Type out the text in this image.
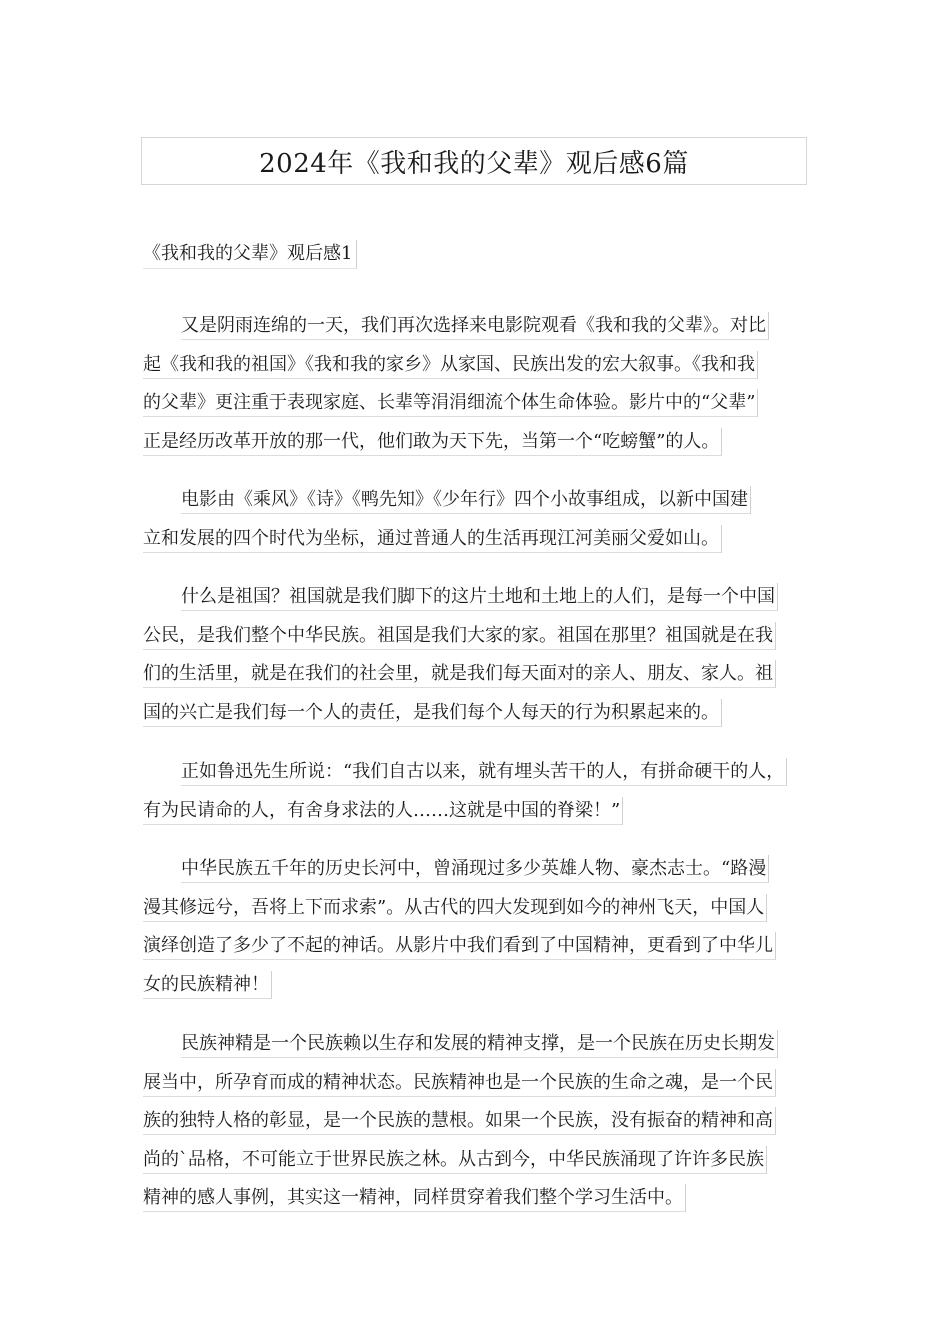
2024年《我和我的父辈》观后感6篇
《我和我的父辈》观后感1
又是阴雨连绵的一天，我们再次选择来电影院观看《我和我的父辈》。对比
起《我和我的祖国》《我和我的家乡》从家国、民族出发的宏大叙事。《我和我
的父辈》更注重于表现家庭、长辈等涓涓细流个体生命体验。影片中的“父辈”
正是经历改革开放的那一代，他们敢为天下先，当第一个“吃螃蟹”的人。
电影由《乘风》《诗》《鸭先知》《少年行》四个小故事组成，以新中国建
立和发展的四个时代为坐标，通过普通人的生活再现江河美丽父爱如山。
什么是祖国？祖国就是我们脚下的这片土地和土地上的人们，是每一个中国
公民，是我们整个中华民族。祖国是我们大家的家。祖国在那里？祖国就是在我
们的生活里，就是在我们的社会里，就是我们每天面对的亲人、朋友、家人。祖
国的兴亡是我们每一个人的责任，是我们每个人每天的行为积累起来的。
正如鲁迅先生所说：“我们自古以来，就有埋头苦干的人，有拼命硬干的人，
有为民请命的人，有舍身求法的人……这就是中国的脊梁！”
中华民族五千年的历史长河中，曾涌现过多少英雄人物、豪杰志士。“路漫
漫其修远兮，吾将上下而求索”。从古代的四大发现到如今的神州飞天，中国人
演绎创造了多少了不起的神话。从影片中我们看到了中国精神，更看到了中华儿
女的民族精神！
民族神精是一个民族赖以生存和发展的精神支撑，是一个民族在历史长期发
展当中，所孕育而成的精神状态。民族精神也是一个民族的生命之魂，是一个民
族的独特人格的彰显，是一个民族的慧根。如果一个民族，没有振奋的精神和高
尚的`品格，不可能立于世界民族之林。从古到今，中华民族涌现了许许多民族
精神的感人事例，其实这一精神，同样贯穿着我们整个学习生活中。
